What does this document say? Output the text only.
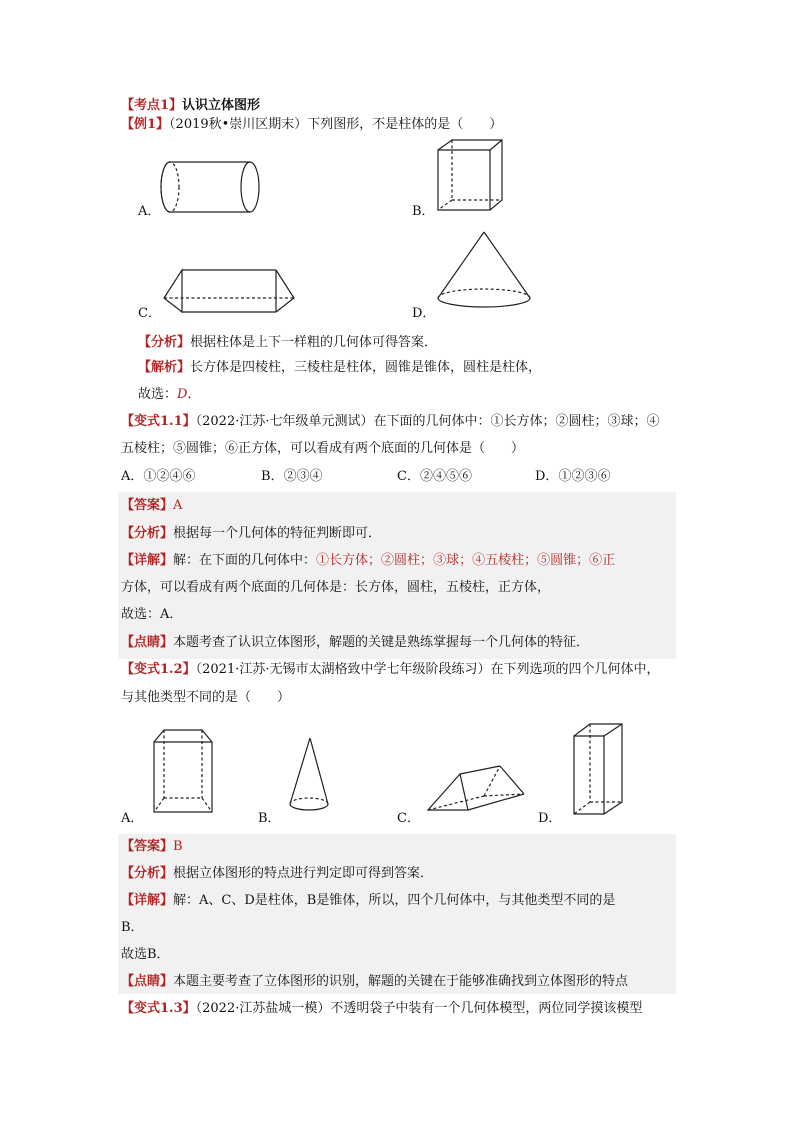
【考点1】认识立体图形
【例1】（2019秋•崇川区期末）下列图形，不是柱体的是（　　）
A．	B．
C．	D．
【分析】根据柱体是上下一样粗的几何体可得答案．
【解析】长方体是四棱柱，三棱柱是柱体，圆锥是锥体，圆柱是柱体，
故选：D．
【变式1.1】（2022·江苏·七年级单元测试）在下面的几何体中：①长方体；②圆柱；③球；④
五棱柱；⑤圆锥；⑥正方体，可以看成有两个底面的几何体是（　　）
A．①②④⑥	B．②③④	C．②④⑤⑥	D．①②③⑥
【答案】A
【分析】根据每一个几何体的特征判断即可．
【详解】解：在下面的几何体中：①长方体；②圆柱；③球；④五棱柱；⑤圆锥；⑥正
方体，可以看成有两个底面的几何体是：长方体，圆柱，五棱柱，正方体，
故选：A．
【点睛】本题考查了认识立体图形，解题的关键是熟练掌握每一个几何体的特征．
【变式1.2】（2021·江苏·无锡市太湖格致中学七年级阶段练习）在下列选项的四个几何体中，
与其他类型不同的是（　　）
A．	B．	C．	D．
【答案】B
【分析】根据立体图形的特点进行判定即可得到答案．
【详解】解：A、C、D是柱体，B是锥体，所以，四个几何体中，与其他类型不同的是
B．
故选B．
【点睛】本题主要考查了立体图形的识别，解题的关键在于能够准确找到立体图形的特点
【变式1.3】（2022·江苏盐城一模）不透明袋子中装有一个几何体模型，两位同学摸该模型
